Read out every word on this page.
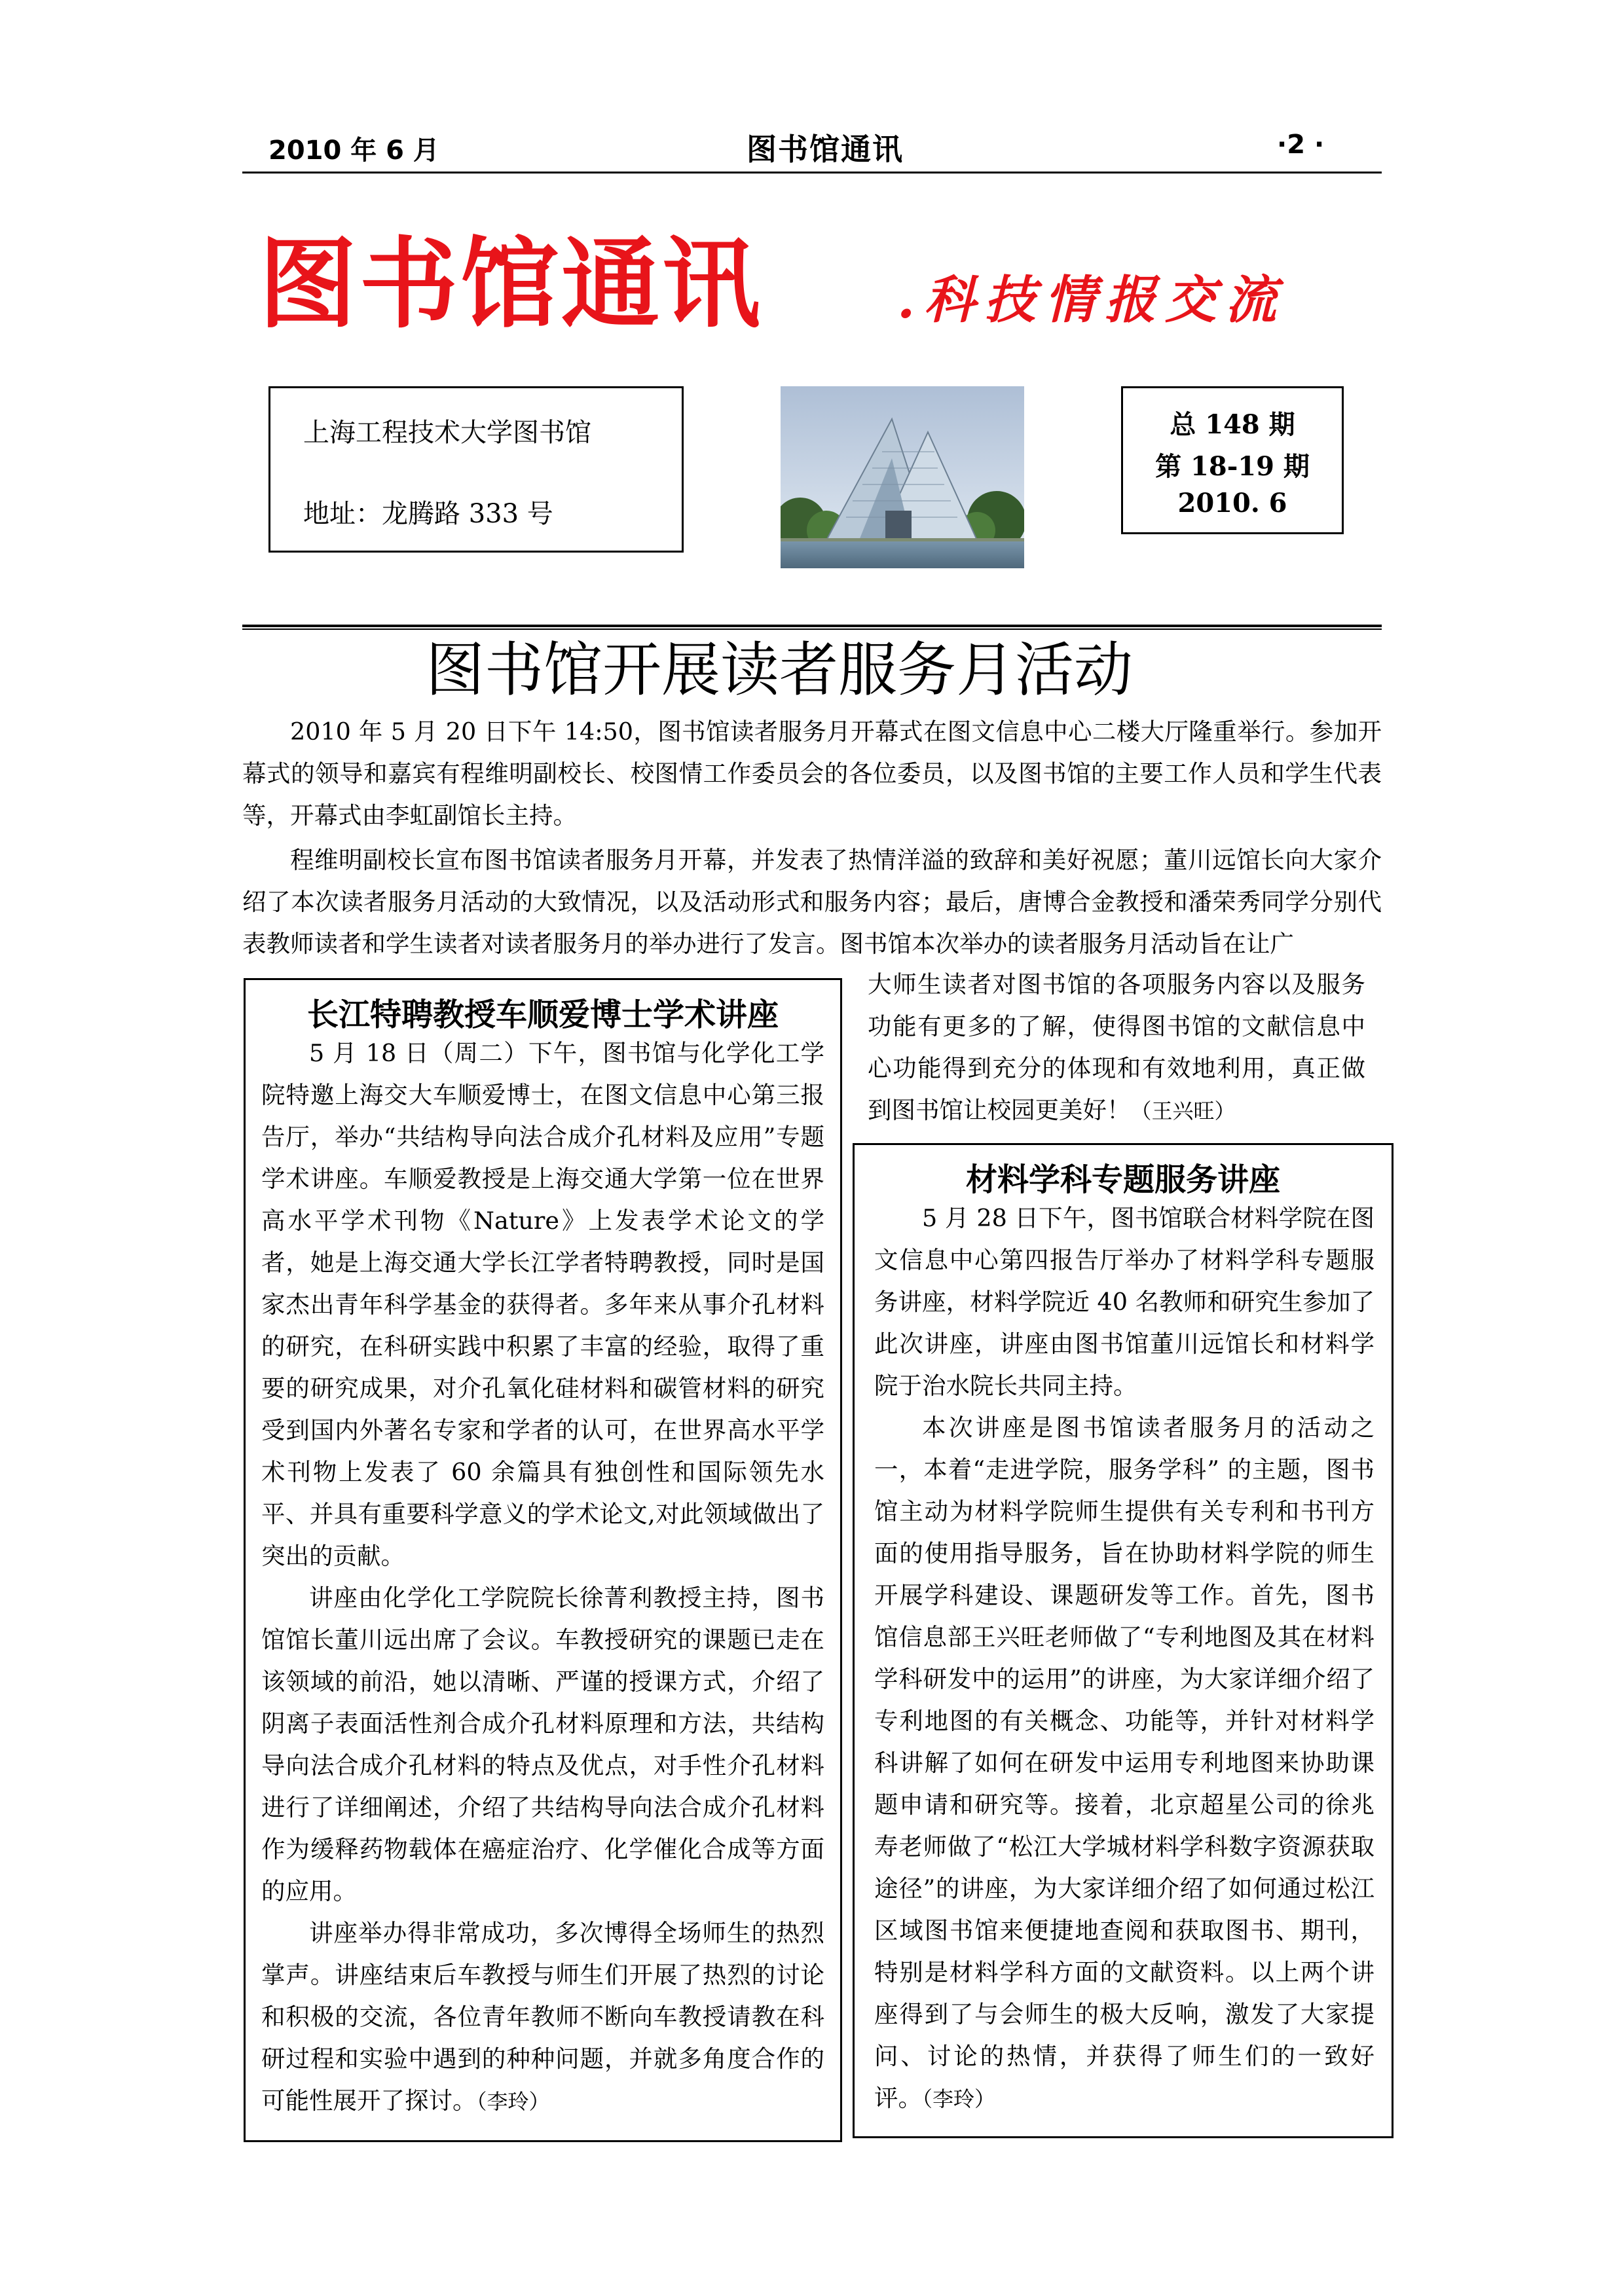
2010 年 6 月	图书馆通讯	·2 ·
图书馆通讯	.科技情报交流
上海工程技术大学图书馆
地址：龙腾路 333 号
总 148 期
第 18-19 期
2010. 6
图书馆开展读者服务月活动
2010 年 5 月 20 日下午 14:50，图书馆读者服务月开幕式在图文信息中心二楼大厅隆重举行。参加开幕式的领导和嘉宾有程维明副校长、校图情工作委员会的各位委员，以及图书馆的主要工作人员和学生代表等，开幕式由李虹副馆长主持。
程维明副校长宣布图书馆读者服务月开幕，并发表了热情洋溢的致辞和美好祝愿；董川远馆长向大家介绍了本次读者服务月活动的大致情况，以及活动形式和服务内容；最后，唐博合金教授和潘荣秀同学分别代表教师读者和学生读者对读者服务月的举办进行了发言。图书馆本次举办的读者服务月活动旨在让广
大师生读者对图书馆的各项服务内容以及服务功能有更多的了解，使得图书馆的文献信息中心功能得到充分的体现和有效地利用，真正做到图书馆让校园更美好！（王兴旺）
长江特聘教授车顺爱博士学术讲座

5 月 18 日（周二）下午，图书馆与化学化工学院特邀上海交大车顺爱博士，在图文信息中心第三报告厅，举办“共结构导向法合成介孔材料及应用”专题学术讲座。车顺爱教授是上海交通大学第一位在世界高水平学术刊物《Nature》上发表学术论文的学者，她是上海交通大学长江学者特聘教授，同时是国家杰出青年科学基金的获得者。多年来从事介孔材料的研究，在科研实践中积累了丰富的经验，取得了重要的研究成果，对介孔氧化硅材料和碳管材料的研究受到国内外著名专家和学者的认可，在世界高水平学术刊物上发表了 60 余篇具有独创性和国际领先水平、并具有重要科学意义的学术论文,对此领域做出了突出的贡献。

讲座由化学化工学院院长徐菁利教授主持，图书馆馆长董川远出席了会议。车教授研究的课题已走在该领域的前沿，她以清晰、严谨的授课方式，介绍了阴离子表面活性剂合成介孔材料原理和方法，共结构导向法合成介孔材料的特点及优点，对手性介孔材料进行了详细阐述，介绍了共结构导向法合成介孔材料作为缓释药物载体在癌症治疗、化学催化合成等方面的应用。

讲座举办得非常成功，多次博得全场师生的热烈掌声。讲座结束后车教授与师生们开展了热烈的讨论和积极的交流，各位青年教师不断向车教授请教在科研过程和实验中遇到的种种问题，并就多角度合作的可能性展开了探讨。（李玲）

材料学科专题服务讲座

5 月 28 日下午，图书馆联合材料学院在图文信息中心第四报告厅举办了材料学科专题服务讲座，材料学院近 40 名教师和研究生参加了此次讲座，讲座由图书馆董川远馆长和材料学院于治水院长共同主持。

本次讲座是图书馆读者服务月的活动之一，本着“走进学院，服务学科” 的主题，图书馆主动为材料学院师生提供有关专利和书刊方面的使用指导服务，旨在协助材料学院的师生开展学科建设、课题研发等工作。首先，图书馆信息部王兴旺老师做了“专利地图及其在材料学科研发中的运用”的讲座，为大家详细介绍了专利地图的有关概念、功能等，并针对材料学科讲解了如何在研发中运用专利地图来协助课题申请和研究等。接着，北京超星公司的徐兆寿老师做了“松江大学城材料学科数字资源获取途径”的讲座，为大家详细介绍了如何通过松江区域图书馆来便捷地查阅和获取图书、期刊，特别是材料学科方面的文献资料。以上两个讲座得到了与会师生的极大反响，激发了大家提问、讨论的热情，并获得了师生们的一致好评。（李玲）
